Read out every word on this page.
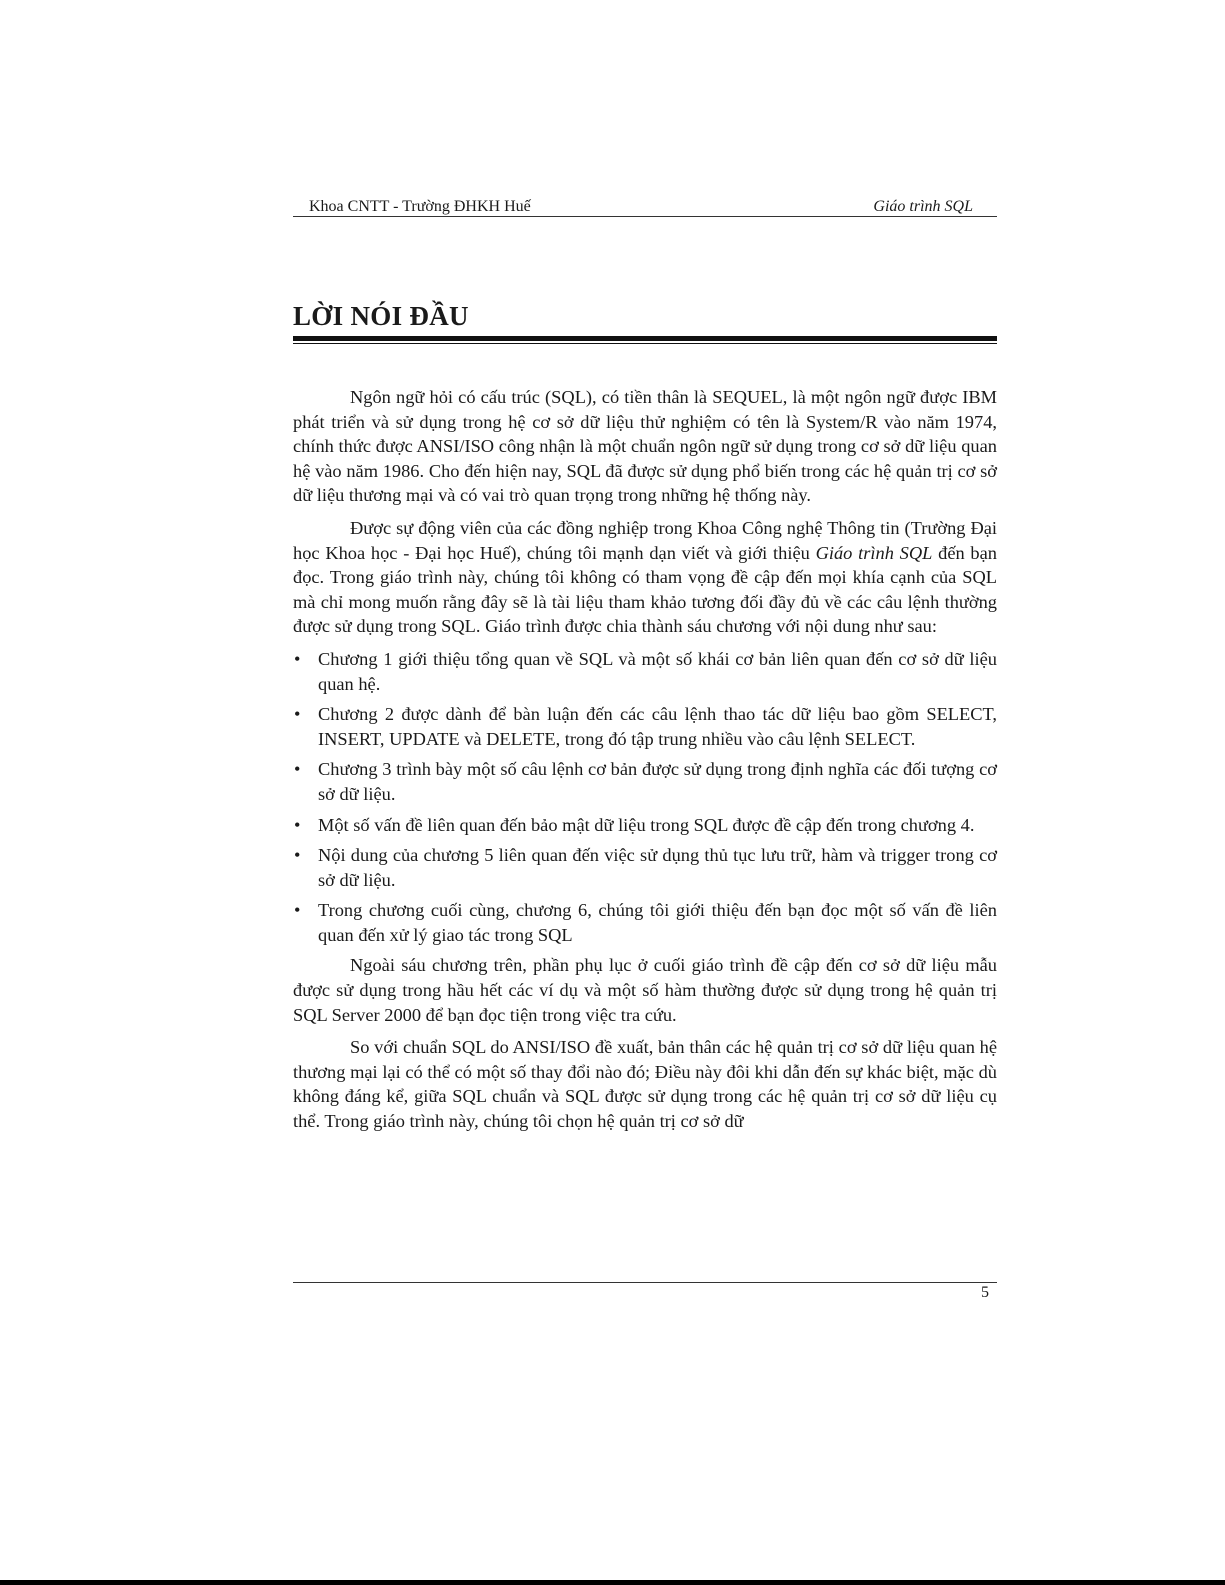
Khoa CNTT - Trường ĐHKH Huế	Giáo trình SQL
LỜI NÓI ĐẦU

Ngôn ngữ hỏi có cấu trúc (SQL), có tiền thân là SEQUEL, là một ngôn ngữ được IBM phát triển và sử dụng trong hệ cơ sở dữ liệu thử nghiệm có tên là System/R vào năm 1974, chính thức được ANSI/ISO công nhận là một chuẩn ngôn ngữ sử dụng trong cơ sở dữ liệu quan hệ vào năm 1986. Cho đến hiện nay, SQL đã được sử dụng phổ biến trong các hệ quản trị cơ sở dữ liệu thương mại và có vai trò quan trọng trong những hệ thống này.

Được sự động viên của các đồng nghiệp trong Khoa Công nghệ Thông tin (Trường Đại học Khoa học - Đại học Huế), chúng tôi mạnh dạn viết và giới thiệu Giáo trình SQL đến bạn đọc. Trong giáo trình này, chúng tôi không có tham vọng đề cập đến mọi khía cạnh của SQL mà chỉ mong muốn rằng đây sẽ là tài liệu tham khảo tương đối đầy đủ về các câu lệnh thường được sử dụng trong SQL. Giáo trình được chia thành sáu chương với nội dung như sau:

• Chương 1 giới thiệu tổng quan về SQL và một số khái cơ bản liên quan đến cơ sở dữ liệu quan hệ.
• Chương 2 được dành để bàn luận đến các câu lệnh thao tác dữ liệu bao gồm SELECT, INSERT, UPDATE và DELETE, trong đó tập trung nhiều vào câu lệnh SELECT.
• Chương 3 trình bày một số câu lệnh cơ bản được sử dụng trong định nghĩa các đối tượng cơ sở dữ liệu.
• Một số vấn đề liên quan đến bảo mật dữ liệu trong SQL được đề cập đến trong chương 4.
• Nội dung của chương 5 liên quan đến việc sử dụng thủ tục lưu trữ, hàm và trigger trong cơ sở dữ liệu.
• Trong chương cuối cùng, chương 6, chúng tôi giới thiệu đến bạn đọc một số vấn đề liên quan đến xử lý giao tác trong SQL

Ngoài sáu chương trên, phần phụ lục ở cuối giáo trình đề cập đến cơ sở dữ liệu mẫu được sử dụng trong hầu hết các ví dụ và một số hàm thường được sử dụng trong hệ quản trị SQL Server 2000 để bạn đọc tiện trong việc tra cứu.

So với chuẩn SQL do ANSI/ISO đề xuất, bản thân các hệ quản trị cơ sở dữ liệu quan hệ thương mại lại có thể có một số thay đổi nào đó; Điều này đôi khi dẫn đến sự khác biệt, mặc dù không đáng kể, giữa SQL chuẩn và SQL được sử dụng trong các hệ quản trị cơ sở dữ liệu cụ thể. Trong giáo trình này, chúng tôi chọn hệ quản trị cơ sở dữ

5
